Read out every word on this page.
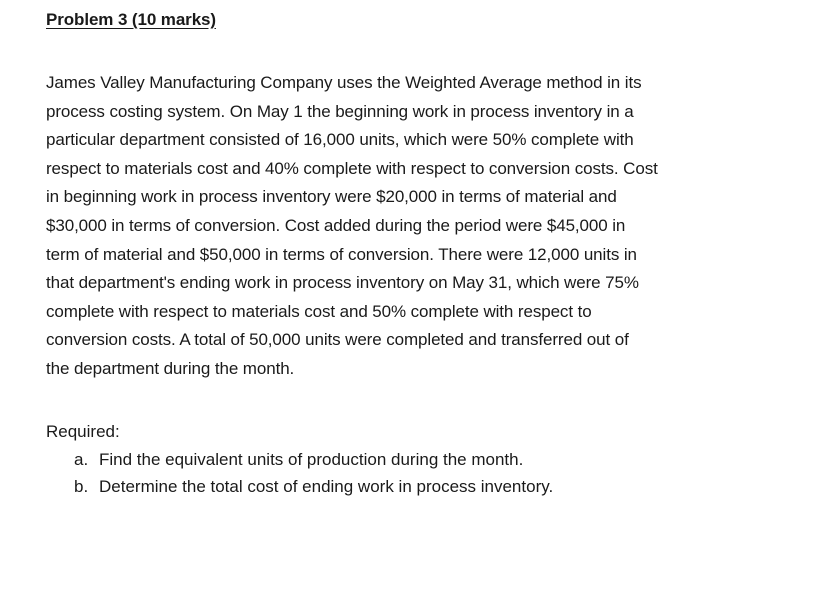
Problem 3 (10 marks)

James Valley Manufacturing Company uses the Weighted Average method in its
process costing system. On May 1 the beginning work in process inventory in a
particular department consisted of 16,000 units, which were 50% complete with
respect to materials cost and 40% complete with respect to conversion costs. Cost
in beginning work in process inventory were $20,000 in terms of material and
$30,000 in terms of conversion. Cost added during the period were $45,000 in
term of material and $50,000 in terms of conversion. There were 12,000 units in
that department's ending work in process inventory on May 31, which were 75%
complete with respect to materials cost and 50% complete with respect to
conversion costs. A total of 50,000 units were completed and transferred out of
the department during the month.

Required:
a. Find the equivalent units of production during the month.
b. Determine the total cost of ending work in process inventory.
